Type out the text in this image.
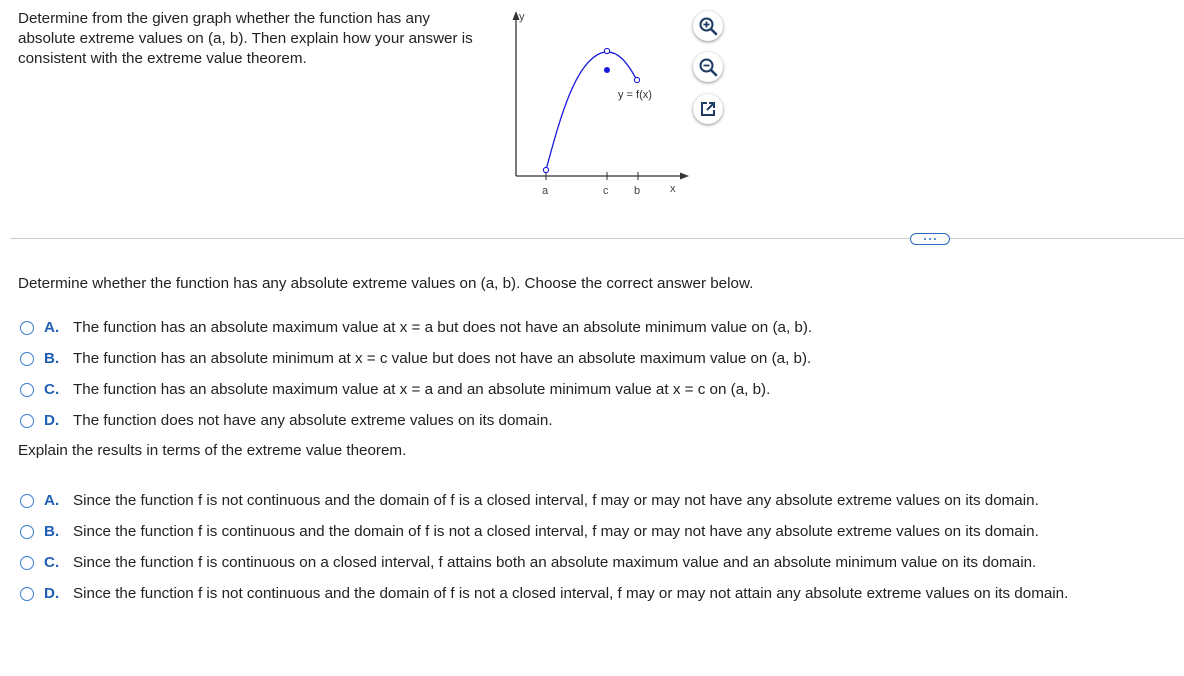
Determine from the given graph whether the function has any absolute extreme values on (a, b). Then explain how your answer is consistent with the extreme value theorem.
y
x
a	c b
y = f(x)
Determine whether the function has any absolute extreme values on (a, b). Choose the correct answer below.
A. The function has an absolute maximum value at x = a but does not have an absolute minimum value on (a, b).
B. The function has an absolute minimum at x = c value but does not have an absolute maximum value on (a, b).
C. The function has an absolute maximum value at x = a and an absolute minimum value at x = c on (a, b).
D. The function does not have any absolute extreme values on its domain.
Explain the results in terms of the extreme value theorem.
A. Since the function f is not continuous and the domain of f is a closed interval, f may or may not have any absolute extreme values on its domain.
B. Since the function f is continuous and the domain of f is not a closed interval, f may or may not have any absolute extreme values on its domain.
C. Since the function f is continuous on a closed interval, f attains both an absolute maximum value and an absolute minimum value on its domain.
D. Since the function f is not continuous and the domain of f is not a closed interval, f may or may not attain any absolute extreme values on its domain.
